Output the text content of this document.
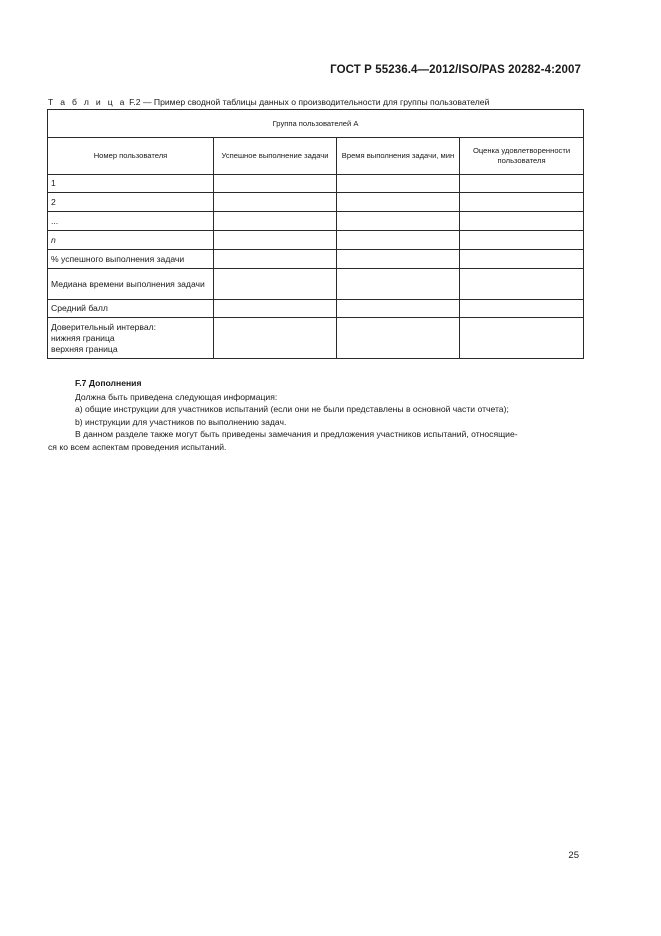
ГОСТ Р 55236.4—2012/ISO/PAS 20282-4:2007
Т а б л и ц а F.2 — Пример сводной таблицы данных о производительности для группы пользователей
Группа пользователей A			
Номер пользователя	Успешное выполнение задачи	Время выполнения задачи, мин	Оценка удовлетворенности пользователя
1			
2			
...			
n			
% успешного выполнения задачи			
Медиана времени выполнения задачи			
Средний балл			

Доверительный интервал:
нижняя граница
верхняя граница			

F.7 Дополнения

Должна быть приведена следующая информация:

a) общие инструкции для участников испытаний (если они не были представлены в основной части отчета);

b) инструкции для участников по выполнению задач.

В данном разделе также могут быть приведены замечания и предложения участников испытаний, относящие-

ся ко всем аспектам проведения испытаний.

25
